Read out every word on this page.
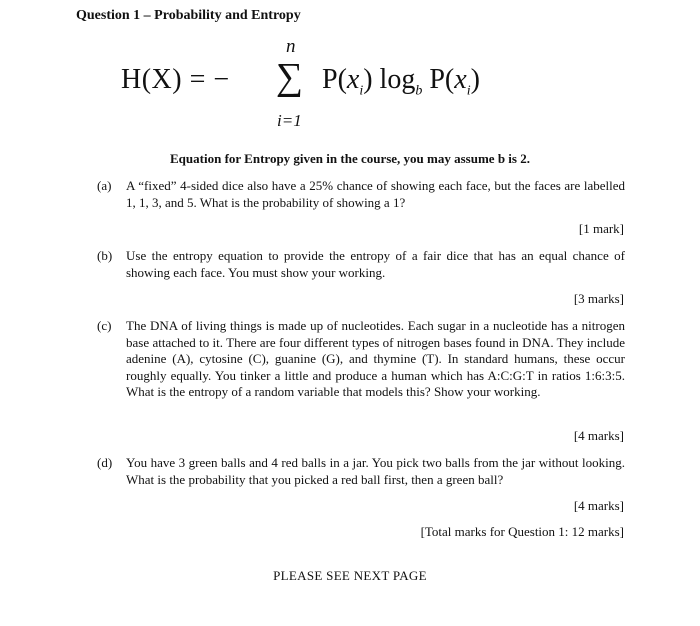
Question 1 – Probability and Entropy
H(X) = −
n
∑
i=1
$P(x_i)$ $\log_b P(x_i)$
Equation for Entropy given in the course, you may assume b is 2.
(a)	A “fixed” 4-sided dice also have a 25% chance of showing each face, but the faces are labelled 1, 1, 3, and 5. What is the probability of showing a 1?
[1 mark]
(b)	Use the entropy equation to provide the entropy of a fair dice that has an equal chance of showing each face. You must show your working.
[3 marks]
(c)	The DNA of living things is made up of nucleotides. Each sugar in a nucleotide has a nitrogen base attached to it. There are four different types of nitrogen bases found in DNA. They include adenine (A), cytosine (C), guanine (G), and thymine (T). In standard humans, these occur roughly equally. You tinker a little and produce a human which has A:C:G:T in ratios 1:6:3:5. What is the entropy of a random variable that models this? Show your working.
[4 marks]
(d)	You have 3 green balls and 4 red balls in a jar. You pick two balls from the jar without looking. What is the probability that you picked a red ball first, then a green ball?
[4 marks]
[Total marks for Question 1: 12 marks]
PLEASE SEE NEXT PAGE
